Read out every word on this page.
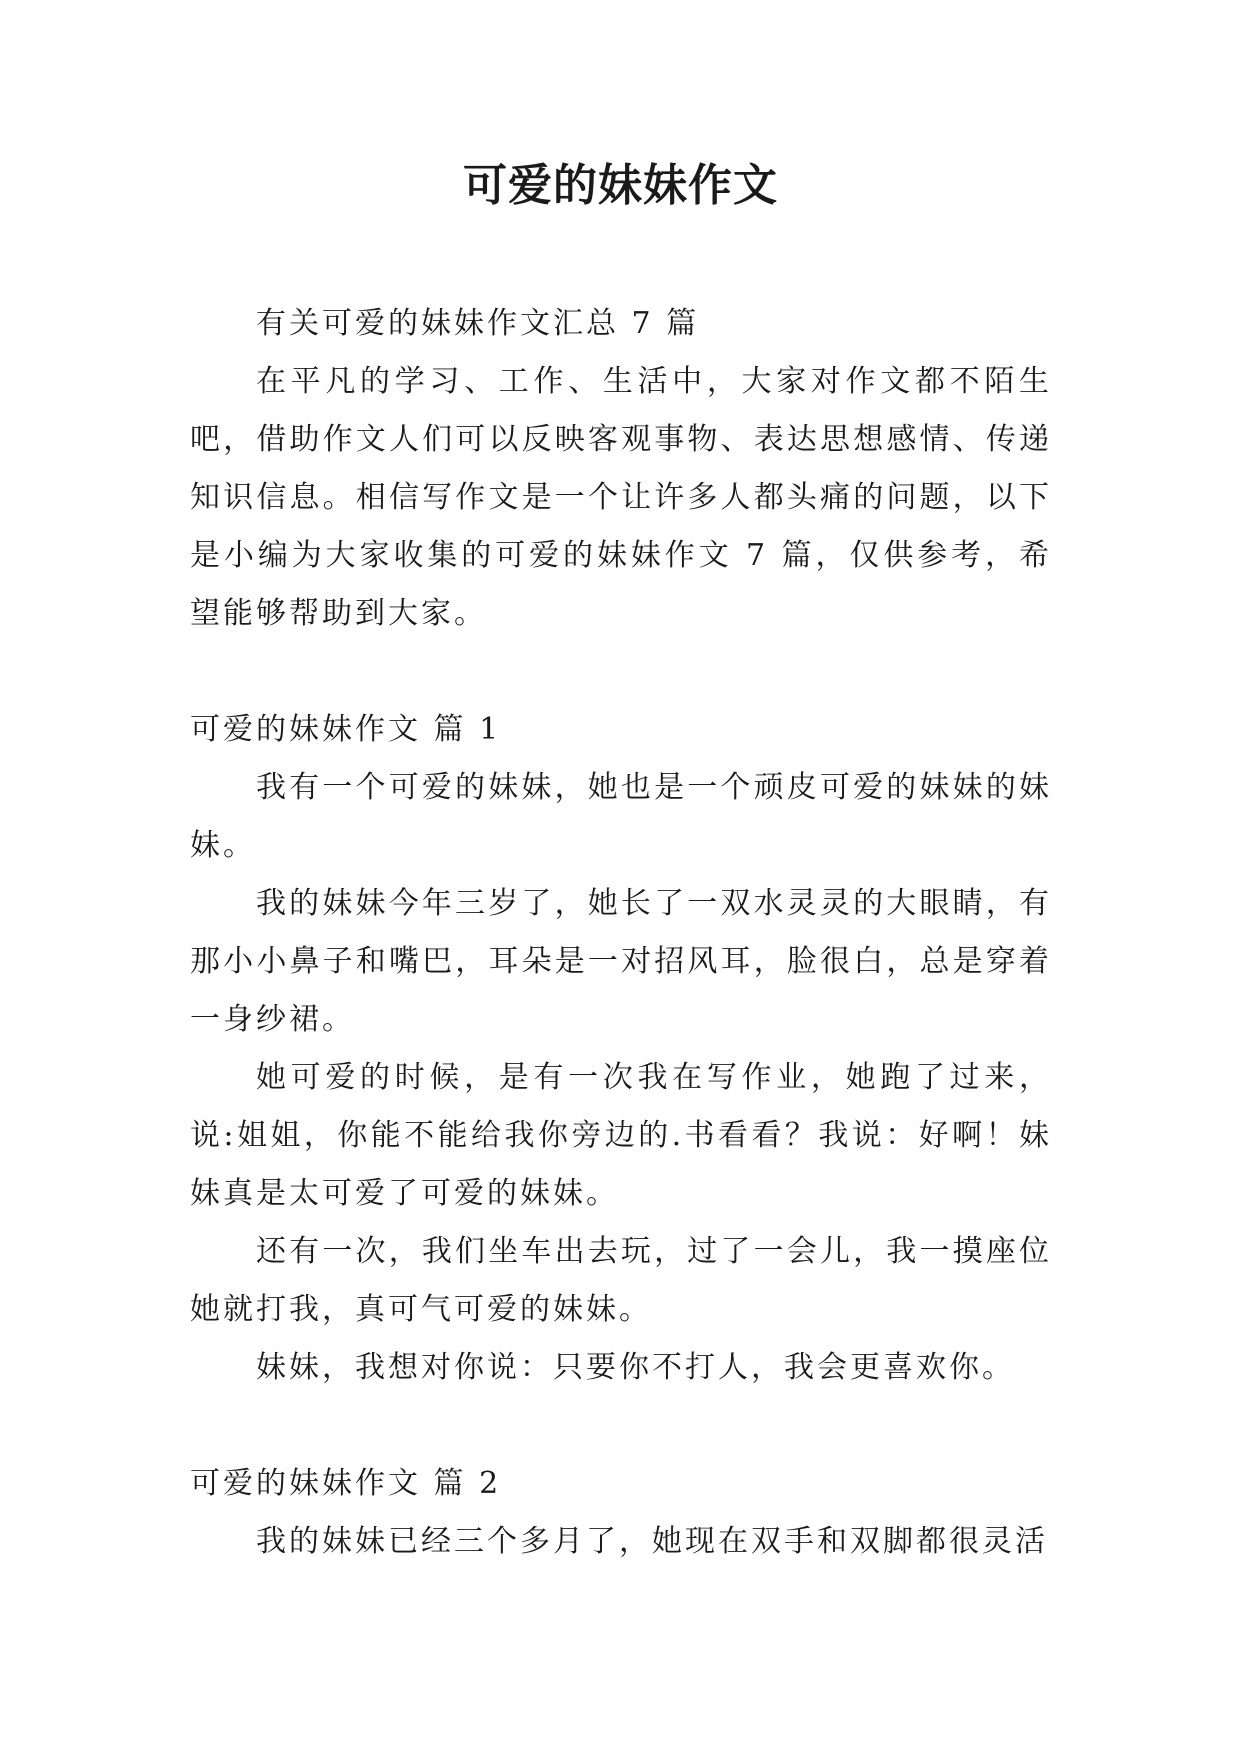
可爱的妹妹作文

有关可爱的妹妹作文汇总 7 篇

在平凡的学习、工作、生活中，大家对作文都不陌生吧，借助作文人们可以反映客观事物、表达思想感情、传递知识信息。相信写作文是一个让许多人都头痛的问题，以下是小编为大家收集的可爱的妹妹作文 7 篇，仅供参考，希望能够帮助到大家。

可爱的妹妹作文 篇 1

我有一个可爱的妹妹，她也是一个顽皮可爱的妹妹的妹妹。

我的妹妹今年三岁了，她长了一双水灵灵的大眼睛，有那小小鼻子和嘴巴，耳朵是一对招风耳，脸很白，总是穿着一身纱裙。

她可爱的时候，是有一次我在写作业，她跑了过来，说:姐姐，你能不能给我你旁边的.书看看？我说：好啊！妹妹真是太可爱了可爱的妹妹。

还有一次，我们坐车出去玩，过了一会儿，我一摸座位她就打我，真可气可爱的妹妹。

妹妹，我想对你说：只要你不打人，我会更喜欢你。

可爱的妹妹作文 篇 2

我的妹妹已经三个多月了，她现在双手和双脚都很灵活
